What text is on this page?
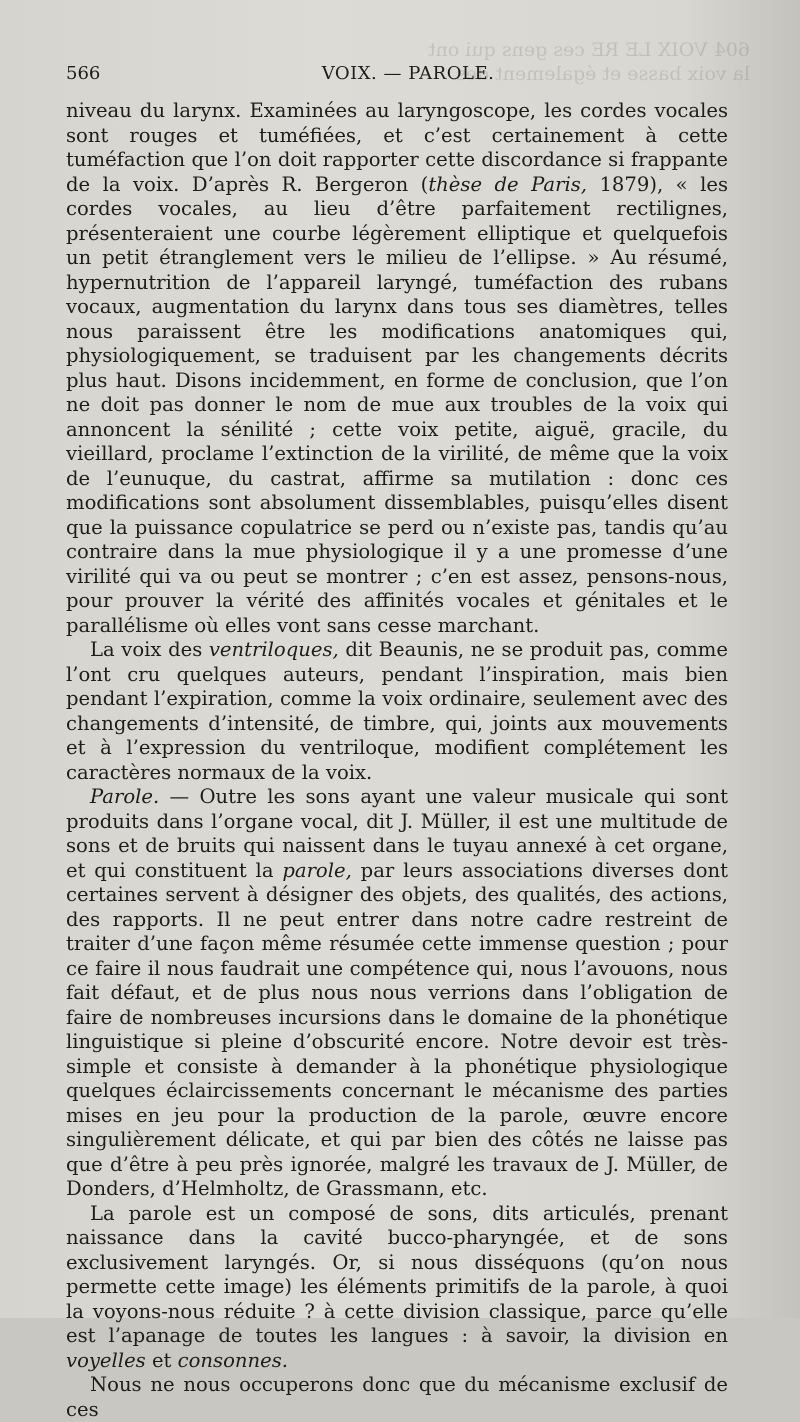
604 VOIX LE RE ces gens qui ont la voix basse et également des
566	VOIX. — PAROLE.

niveau du larynx. Examinées au laryngoscope, les cordes vocales sont rouges et tuméfiées, et c’est certainement à cette tuméfaction que l’on doit rapporter cette discordance si frappante de la voix. D’après R. Bergeron (thèse de Paris, 1879), « les cordes vocales, au lieu d’être parfaitement rectilignes, présenteraient une courbe légèrement elliptique et quelquefois un petit étranglement vers le milieu de l’ellipse. » Au résumé, hypernutrition de l’appareil laryngé, tuméfaction des rubans vocaux, augmentation du larynx dans tous ses diamètres, telles nous paraissent être les modifications anatomiques qui, physiologiquement, se traduisent par les changements décrits plus haut. Disons incidemment, en forme de conclusion, que l’on ne doit pas donner le nom de mue aux troubles de la voix qui annoncent la sénilité ; cette voix petite, aiguë, gracile, du vieillard, proclame l’extinction de la virilité, de même que la voix de l’eunuque, du castrat, affirme sa mutilation : donc ces modifications sont absolument dissemblables, puisqu’elles disent que la puissance copulatrice se perd ou n’existe pas, tandis qu’au contraire dans la mue physiologique il y a une promesse d’une virilité qui va ou peut se montrer ; c’en est assez, pensons-nous, pour prouver la vérité des affinités vocales et génitales et le parallélisme où elles vont sans cesse marchant.

La voix des ventriloques, dit Beaunis, ne se produit pas, comme l’ont cru quelques auteurs, pendant l’inspiration, mais bien pendant l’expiration, comme la voix ordinaire, seulement avec des changements d’intensité, de timbre, qui, joints aux mouvements et à l’expression du ventriloque, modifient complétement les caractères normaux de la voix.

Parole. — Outre les sons ayant une valeur musicale qui sont produits dans l’organe vocal, dit J. Müller, il est une multitude de sons et de bruits qui naissent dans le tuyau annexé à cet organe, et qui constituent la parole, par leurs associations diverses dont certaines servent à désigner des objets, des qualités, des actions, des rapports. Il ne peut entrer dans notre cadre restreint de traiter d’une façon même résumée cette immense question ; pour ce faire il nous faudrait une compétence qui, nous l’avouons, nous fait défaut, et de plus nous nous verrions dans l’obligation de faire de nombreuses incursions dans le domaine de la phonétique linguistique si pleine d’obscurité encore. Notre devoir est très-simple et consiste à demander à la phonétique physiologique quelques éclaircissements concernant le mécanisme des parties mises en jeu pour la production de la parole, œuvre encore singulièrement délicate, et qui par bien des côtés ne laisse pas que d’être à peu près ignorée, malgré les travaux de J. Müller, de Donders, d’Helmholtz, de Grassmann, etc.

La parole est un composé de sons, dits articulés, prenant naissance dans la cavité bucco-pharyngée, et de sons exclusivement laryngés. Or, si nous disséquons (qu’on nous permette cette image) les éléments primitifs de la parole, à quoi la voyons-nous réduite ? à cette division classique, parce qu’elle est l’apanage de toutes les langues : à savoir, la division en voyelles et consonnes.

Nous ne nous occuperons donc que du mécanisme exclusif de ces
